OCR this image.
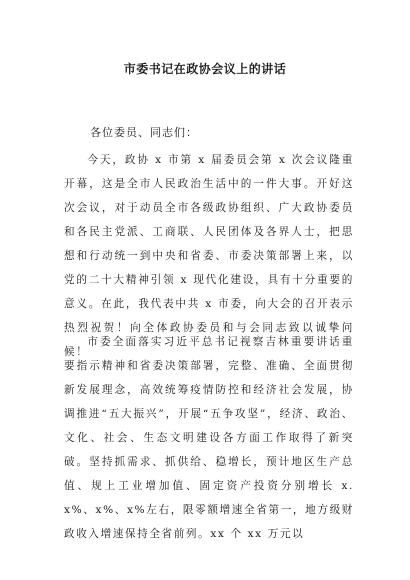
市委书记在政协会议上的讲话
各位委员、同志们：

今天，政协 x 市第 x 届委员会第 x 次会议隆重开幕，这是全市人民政治生活中的一件大事。开好这次会议，对于动员全市各级政协组织、广大政协委员和各民主党派、工商联、人民团体及各界人士，把思想和行动统一到中央和省委、市委决策部署上来，以党的二十大精神引领 x 现代化建设，具有十分重要的意义。在此，我代表中共 x 市委，向大会的召开表示热烈祝贺！向全体政协委员和与会同志致以诚挚问候！

市委全面落实习近平总书记视察吉林重要讲话重要指示精神和省委决策部署，完整、准确、全面贯彻新发展理念，高效统筹疫情防控和经济社会发展，协调推进“五大振兴”，开展“五争攻坚”，经济、政治、文化、社会、生态文明建设各方面工作取得了新突破。坚持抓需求、抓供给、稳增长，预计地区生产总值、规上工业增加值、固定资产投资分别增长 x. x%、x%、x%左右，限零额增速全省第一，地方级财政收入增速保持全省前列。xx 个 xx 万元以
